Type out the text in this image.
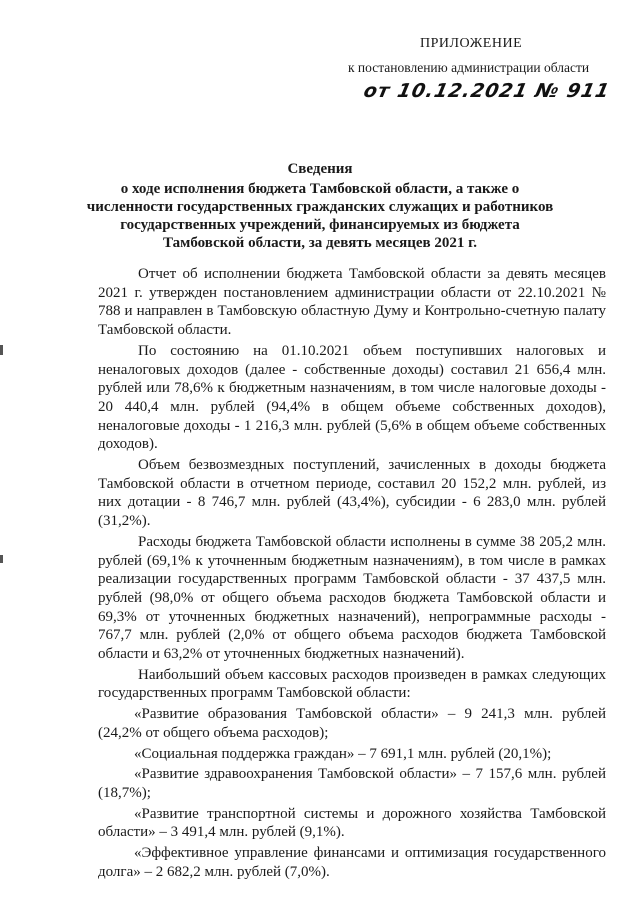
ПРИЛОЖЕНИЕ
к постановлению администрации области
от 10.12.2021 № 911
Сведения
о ходе исполнения бюджета Тамбовской области, а также о численности государственных гражданских служащих и работников государственных учреждений, финансируемых из бюджета Тамбовской области, за девять месяцев 2021 г.

Отчет об исполнении бюджета Тамбовской области за девять месяцев 2021 г. утвержден постановлением администрации области от 22.10.2021 № 788 и направлен в Тамбовскую областную Думу и Контрольно-счетную палату Тамбовской области.

По состоянию на 01.10.2021 объем поступивших налоговых и неналоговых доходов (далее - собственные доходы) составил 21 656,4 млн. рублей или 78,6% к бюджетным назначениям, в том числе налоговые доходы - 20 440,4 млн. рублей (94,4% в общем объеме собственных доходов), неналоговые доходы - 1 216,3 млн. рублей (5,6% в общем объеме собственных доходов).

Объем безвозмездных поступлений, зачисленных в доходы бюджета Тамбовской области в отчетном периоде, составил 20 152,2 млн. рублей, из них дотации - 8 746,7 млн. рублей (43,4%), субсидии - 6 283,0 млн. рублей (31,2%).

Расходы бюджета Тамбовской области исполнены в сумме 38 205,2 млн. рублей (69,1% к уточненным бюджетным назначениям), в том числе в рамках реализации государственных программ Тамбовской области - 37 437,5 млн. рублей (98,0% от общего объема расходов бюджета Тамбовской области и 69,3% от уточненных бюджетных назначений), непрограммные расходы - 767,7 млн. рублей (2,0% от общего объема расходов бюджета Тамбовской области и 63,2% от уточненных бюджетных назначений).

Наибольший объем кассовых расходов произведен в рамках следующих государственных программ Тамбовской области:

«Развитие образования Тамбовской области» – 9 241,3 млн. рублей (24,2% от общего объема расходов);

«Социальная поддержка граждан» – 7 691,1 млн. рублей (20,1%);

«Развитие здравоохранения Тамбовской области» – 7 157,6 млн. рублей (18,7%);

«Развитие транспортной системы и дорожного хозяйства Тамбовской области» – 3 491,4 млн. рублей (9,1%).

«Эффективное управление финансами и оптимизация государственного долга» – 2 682,2 млн. рублей (7,0%).
